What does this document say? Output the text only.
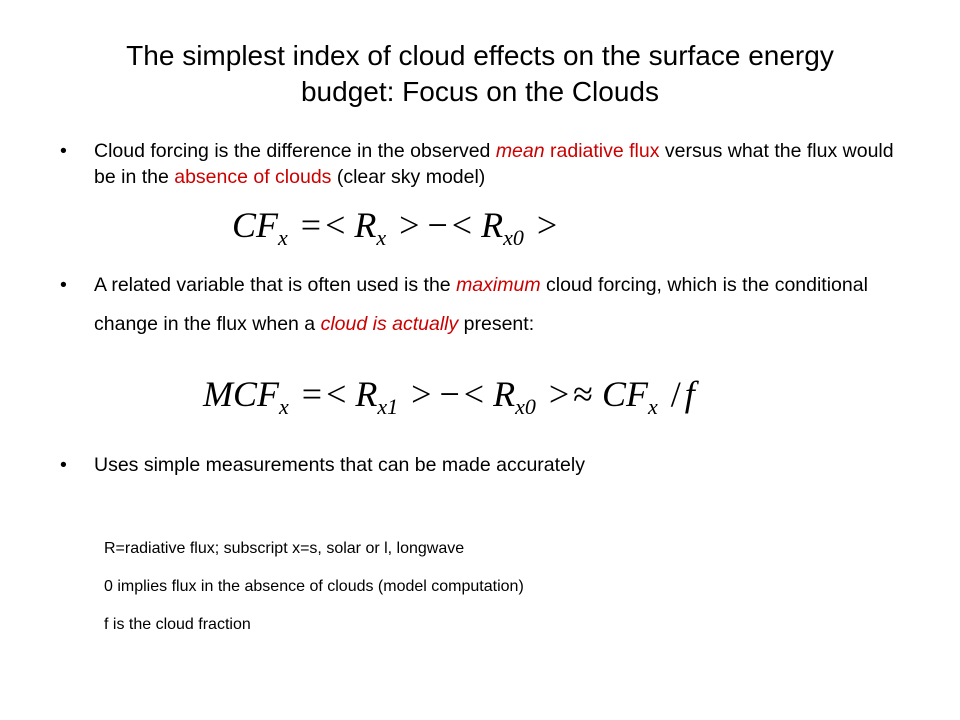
The simplest index of cloud effects on the surface energy
budget: Focus on the Clouds
• Cloud forcing is the difference in the observed mean radiative flux versus what the flux would be in the absence of clouds (clear sky model)
$CF_x$ = < $R_x$ > − < $R_{x0}$ >
• A related variable that is often used is the maximum cloud forcing, which is the conditional change in the flux when a cloud is actually present:
$MCF_x$ = < $R_{x1}$ > − < $R_{x0}$ > ≈ $CF_x$ / f
• Uses simple measurements that can be made accurately
R=radiative flux; subscript x=s, solar or l, longwave
0 implies flux in the absence of clouds (model computation)
f is the cloud fraction
